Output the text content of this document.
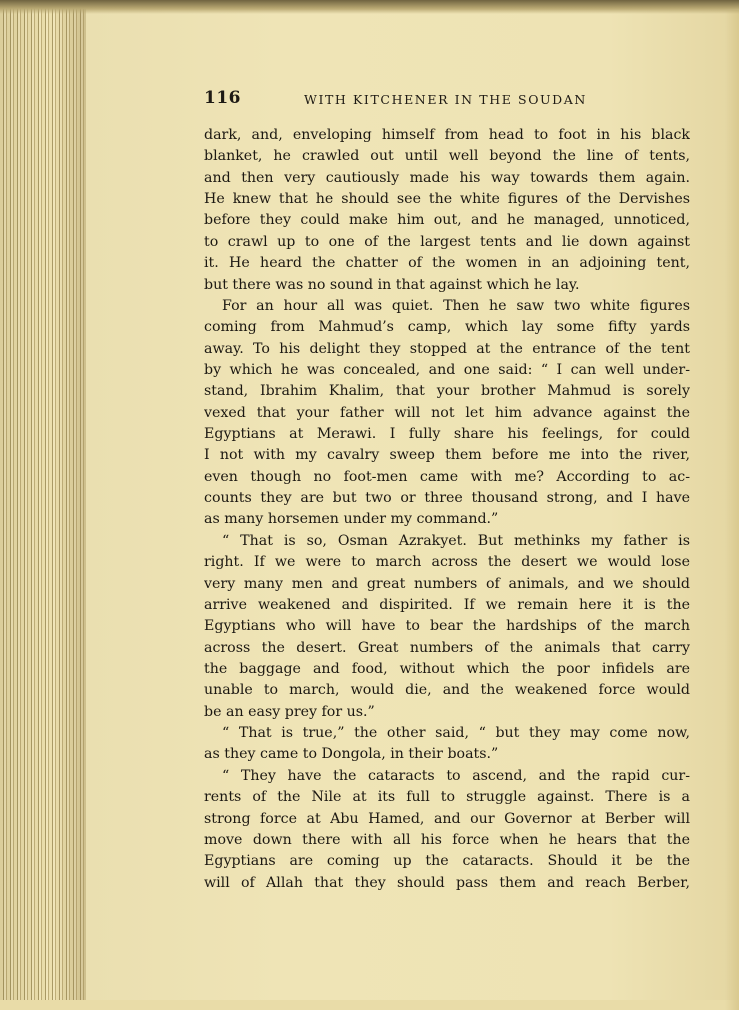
116	WITH KITCHENER IN THE SOUDAN
dark, and, enveloping himself from head to foot in his black
blanket, he crawled out until well beyond the line of tents,
and then very cautiously made his way towards them again.
He knew that he should see the white figures of the Dervishes
before they could make him out, and he managed, unnoticed,
to crawl up to one of the largest tents and lie down against
it. He heard the chatter of the women in an adjoining tent,
but there was no sound in that against which he lay.
For an hour all was quiet. Then he saw two white figures
coming from Mahmud’s camp, which lay some fifty yards
away. To his delight they stopped at the entrance of the tent
by which he was concealed, and one said: “ I can well under-
stand, Ibrahim Khalim, that your brother Mahmud is sorely
vexed that your father will not let him advance against the
Egyptians at Merawi. I fully share his feelings, for could
I not with my cavalry sweep them before me into the river,
even though no foot-men came with me? According to ac-
counts they are but two or three thousand strong, and I have
as many horsemen under my command.”
“ That is so, Osman Azrakyet. But methinks my father is
right. If we were to march across the desert we would lose
very many men and great numbers of animals, and we should
arrive weakened and dispirited. If we remain here it is the
Egyptians who will have to bear the hardships of the march
across the desert. Great numbers of the animals that carry
the baggage and food, without which the poor infidels are
unable to march, would die, and the weakened force would
be an easy prey for us.”
“ That is true,” the other said, “ but they may come now,
as they came to Dongola, in their boats.”
“ They have the cataracts to ascend, and the rapid cur-
rents of the Nile at its full to struggle against. There is a
strong force at Abu Hamed, and our Governor at Berber will
move down there with all his force when he hears that the
Egyptians are coming up the cataracts. Should it be the
will of Allah that they should pass them and reach Berber,
